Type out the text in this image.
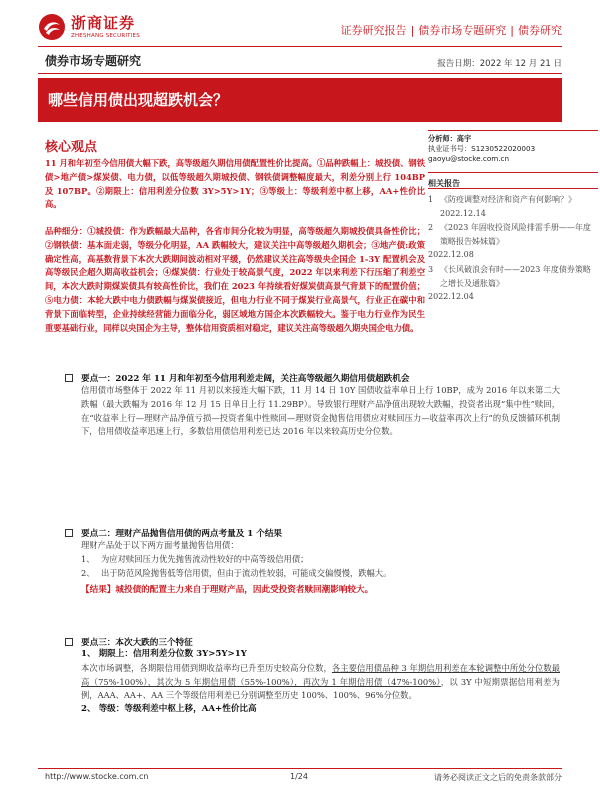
浙商证券
ZHESHANG SECURITIES	证券研究报告 | 债券市场专题研究 | 债券研究
债券市场专题研究	报告日期：2022 年 12 月 21 日
哪些信用债出现超跌机会？
核心观点
11 月和年初至今信用债大幅下跌，高等级超久期信用债配置性价比提高。①品种跌幅上：城投债、钢铁债>地产债>煤炭债、电力债，以低等级超久期城投债、钢铁债调整幅度最大，利差分别上行 104BP 及 107BP。②期限上：信用利差分位数 3Y>5Y>1Y；③等级上：等级利差中枢上移，AA+性价比高。
品种细分：①城投债：作为跌幅最大品种，各省市间分化较为明显，高等级超久期城投债具备性价比；②钢铁债：基本面走弱，等级分化明显，AA 跌幅较大，建议关注中高等级超久期机会；③地产债:政策确定性高，高基数背景下本次大跌期间波动相对平缓，仍然建议关注高等级央企国企 1-3Y 配置机会及高等级民企超久期高收益机会；④煤炭债：行业处于较高景气度，2022 年以来利差下行压缩了利差空间，本次大跌时期煤炭债具有较高性价比，我们在 2023 年持续看好煤炭债高景气背景下的配置价值；⑤电力债：本轮大跌中电力债跌幅与煤炭债接近，但电力行业不同于煤炭行业高景气，行业正在碳中和背景下面临转型，企业持续经营能力面临分化，弱区域地方国企本次跌幅较大。鉴于电力行业作为民生重要基础行业，同样以央国企为主导，整体信用资质相对稳定，建议关注高等级超久期央国企电力债。
分析师：高宇
执业证书号：S1230522020003
gaoyu@stocke.com.cn
相关报告
1 《防疫调整对经济和资产有何影响？》
2022.12.14
2 《2023 年固收投资风险排雷手册——年度策略报告姊妹篇》
2022.12.08
3 《长风破浪会有时——2023 年度债券策略之增长及通胀篇》
2022.12.04
要点一：2022 年 11 月和年初至今信用利差走阔，关注高等级超久期信用债超跌机会
信用债市场整体于 2022 年 11 月初以来接连大幅下跌，11 月 14 日 10Y 国债收益率单日上行 10BP，成为 2016 年以来第二大跌幅（最大跌幅为 2016 年 12 月 15 日单日上行 11.29BP）。导致银行理财产品净值出现较大跌幅，投资者出现“集中性”赎回，在“收益率上行—理财产品净值亏损—投资者集中性赎回—理财资金抛售信用债应对赎回压力—收益率再次上行”的负反馈循环机制下，信用债收益率迅速上行，多数信用债信用利差已达 2016 年以来较高历史分位数。
要点二：理财产品抛售信用债的两点考量及 1 个结果
理财产品处于以下两方面考量抛售信用债：
1、 为应对赎回压力优先抛售流动性较好的中高等级信用债；
2、 出于防范风险抛售低等信用债，但由于流动性较弱，可能成交偏慢慢，跌幅大。
【结果】城投债的配置主力来自于理财产品，因此受投资者赎回潮影响较大。
要点三：本次大跌的三个特征
1、 期限上：信用利差分位数 3Y>5Y>1Y
本次市场调整，各期限信用债到期收益率均已升至历史较高分位数，各主要信用债品种 3 年期信用利差在本轮调整中所处分位数最高（75%-100%），其次为 5 年期信用债（55%-100%），再次为 1 年期信用债（47%-100%），以 3Y 中短期票据信用利差为例，AAA、AA+、AA 三个等级信用利差已分别调整至历史 100%、100%、96%分位数。
2、 等级：等级利差中枢上移，AA+性价比高
http://www.stocke.com.cn	1/24	请务必阅读正文之后的免责条款部分
